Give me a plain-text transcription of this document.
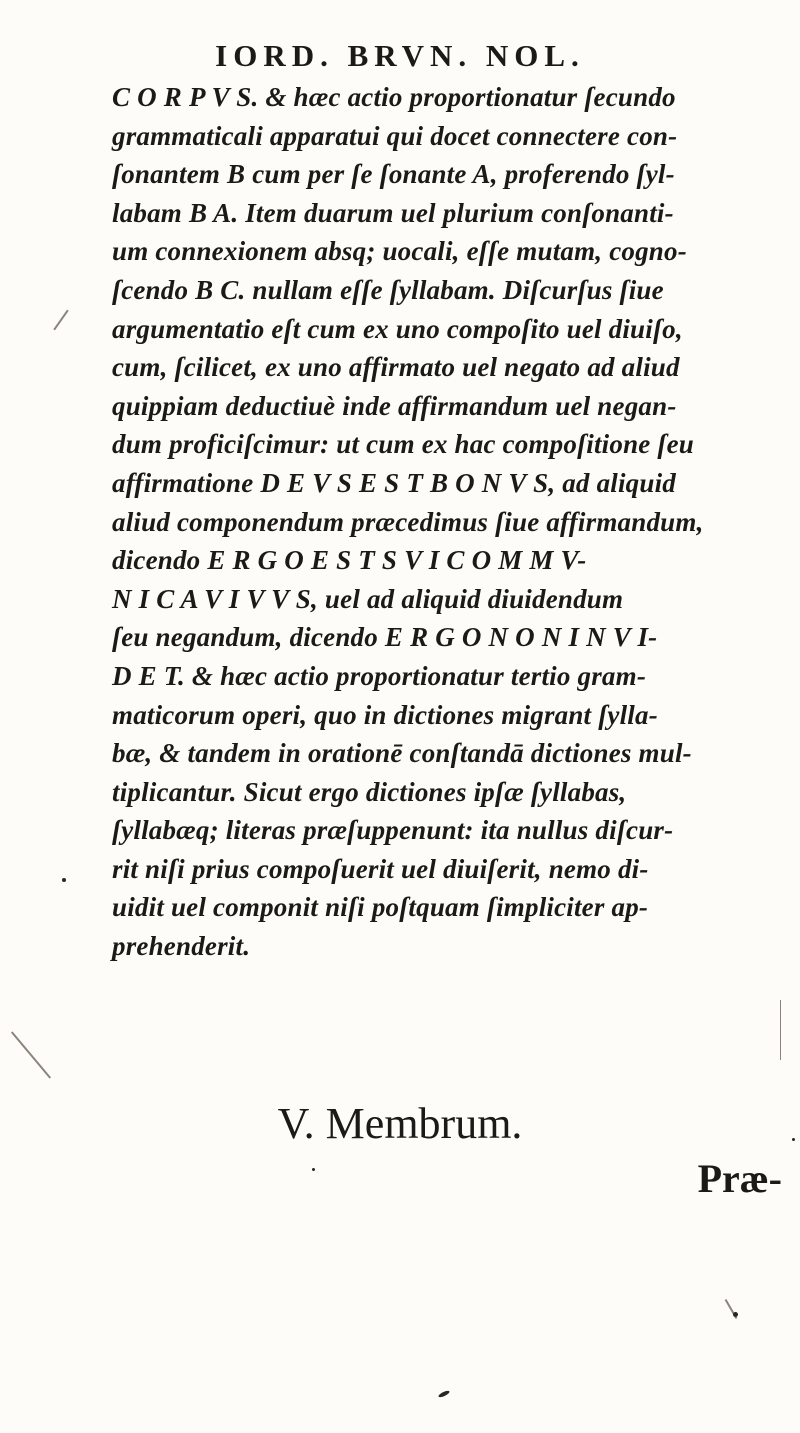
IORD. BRVN. NOL.
C O R P V S. & hæc actio proportionatur ſecundo
grammaticali apparatui qui docet connectere con-
ſonantem B cum per ſe ſonante A, proferendo ſyl-
labam B A. Item duarum uel plurium conſonanti-
um connexionem absq; uocali, eſſe mutam, cogno-
ſcendo B C. nullam eſſe ſyllabam. Diſcurſus ſiue
argumentatio eſt cum ex uno compoſito uel diuiſo,
cum, ſcilicet, ex uno affirmato uel negato ad aliud
quippiam deductiuè inde affirmandum uel negan-
dum proficiſcimur: ut cum ex hac compoſitione ſeu
affirmatione D E V S E S T B O N V S, ad aliquid
aliud componendum præcedimus ſiue affirmandum,
dicendo E R G O E S T S V I C O M M V-
N I C A V I V V S, uel ad aliquid diuidendum
ſeu negandum, dicendo E R G O N O N I N V I-
D E T. & hæc actio proportionatur tertio gram-
maticorum operi, quo in dictiones migrant ſylla-
bæ, & tandem in orationē conſtandā dictiones mul-
tiplicantur. Sicut ergo dictiones ipſæ ſyllabas,
ſyllabæq; literas præſuppenunt: ita nullus diſcur-
rit niſi prius compoſuerit uel diuiſerit, nemo di-
uidit uel componit niſi poſtquam ſimpliciter ap-
prehenderit.
V. Membrum.
Præ-
